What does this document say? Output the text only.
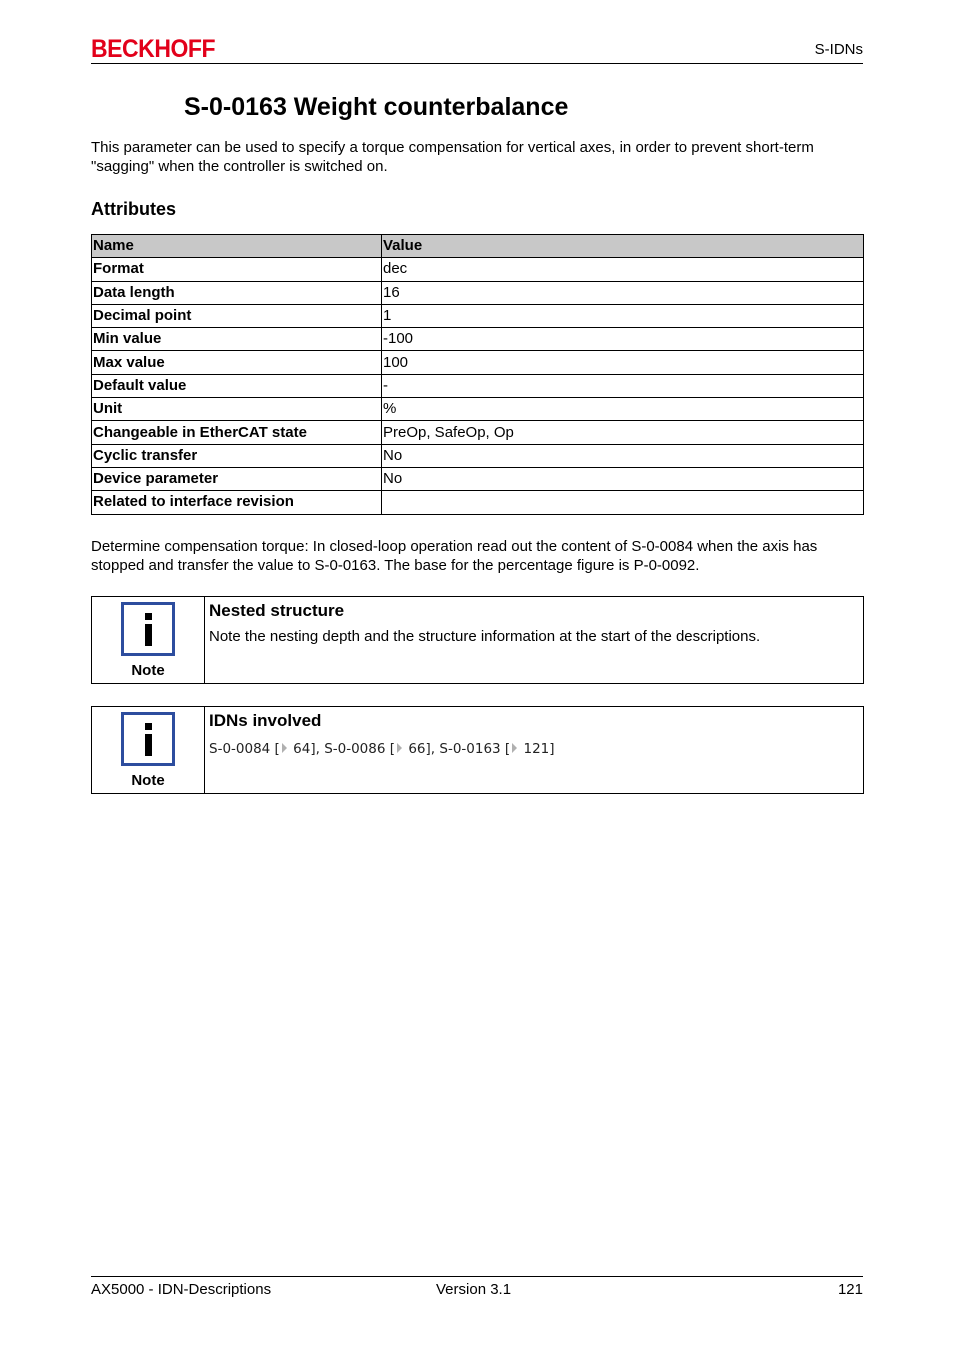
BECKHOFF	S-IDNs
S-0-0163 Weight counterbalance

This parameter can be used to specify a torque compensation for vertical axes, in order to prevent short-term "sagging" when the controller is switched on.

Attributes
Name	Value
Format	dec
Data length	16
Decimal point	1
Min value	-100
Max value	100
Default value	-
Unit	%
Changeable in EtherCAT state	PreOp, SafeOp, Op
Cyclic transfer	No
Device parameter	No
Related to interface revision	

Determine compensation torque: In closed-loop operation read out the content of S-0-0084 when the axis has stopped and transfer the value to S-0-0163. The base for the percentage figure is P-0-0092.

Note
Nested structure
Note the nesting depth and the structure information at the start of the descriptions.
Note
IDNs involved
S-0-0084 [ 64], S-0-0086 [ 66], S-0-0163 [ 121]
AX5000 - IDN-Descriptions	Version 3.1	121
